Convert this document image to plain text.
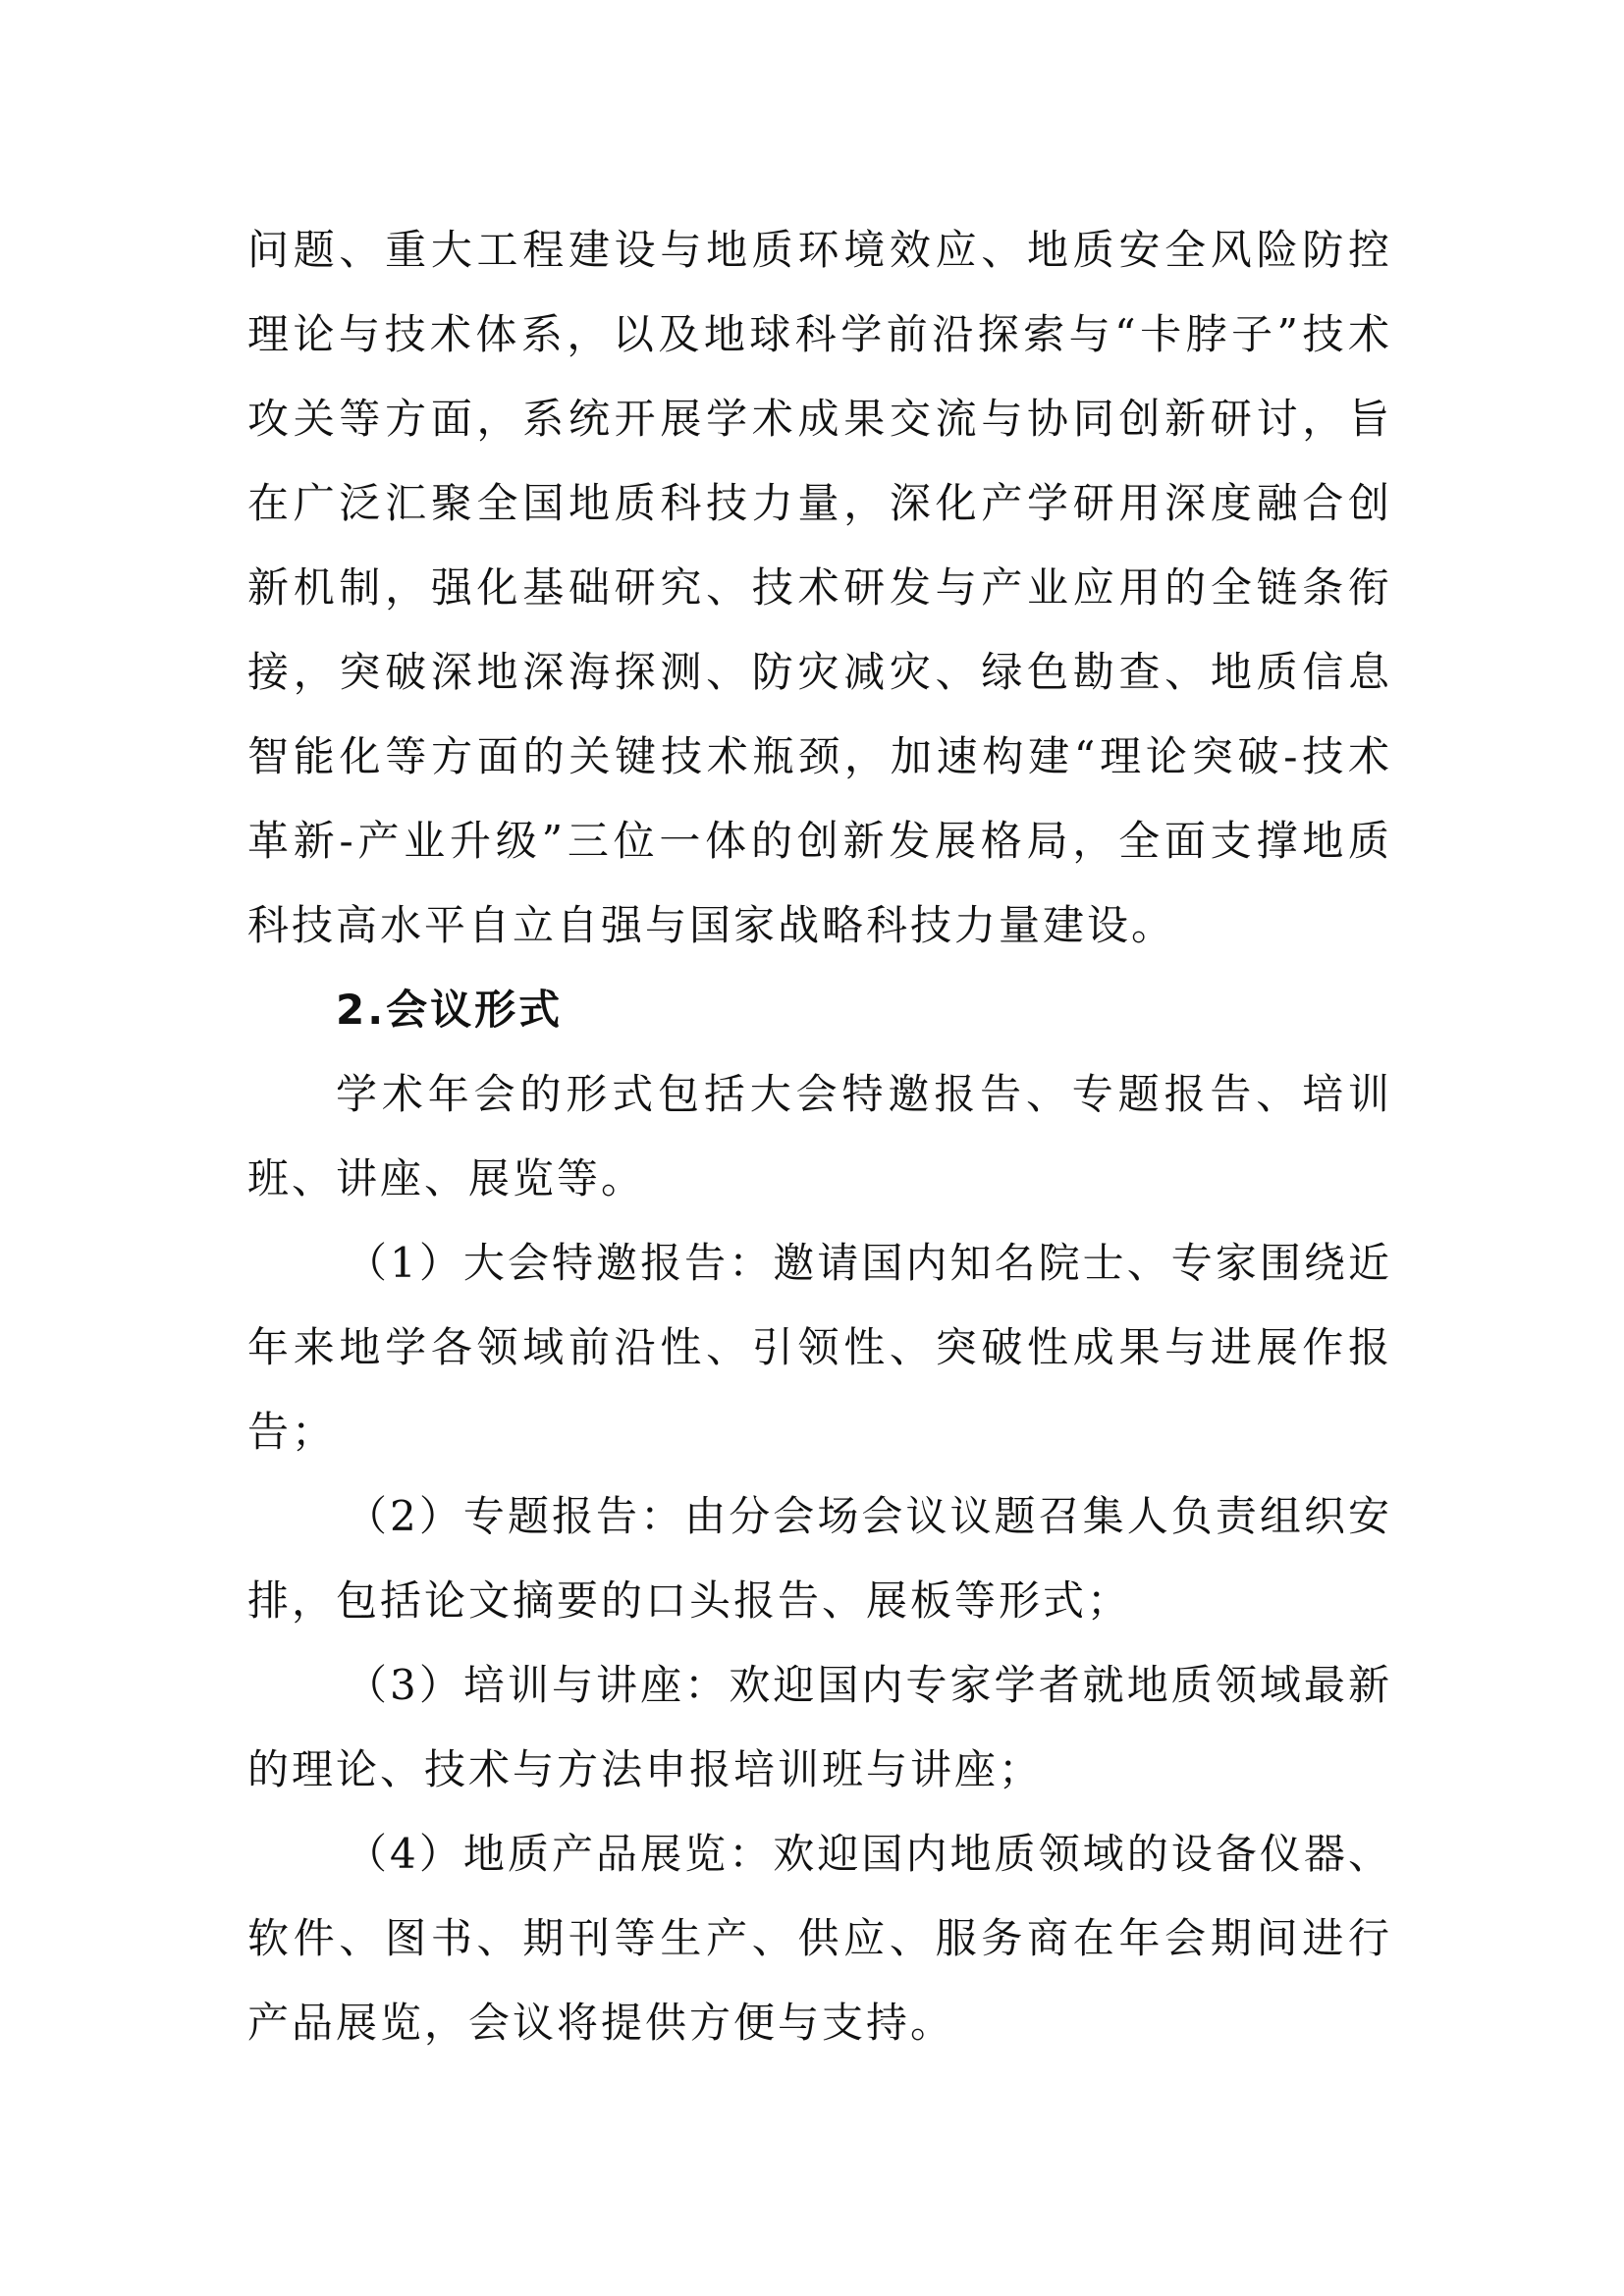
问题、重大工程建设与地质环境效应、地质安全风险防控理论与技术体系，以及地球科学前沿探索与“卡脖子”技术攻关等方面，系统开展学术成果交流与协同创新研讨，旨在广泛汇聚全国地质科技力量，深化产学研用深度融合创新机制，强化基础研究、技术研发与产业应用的全链条衔接，突破深地深海探测、防灾减灾、绿色勘查、地质信息智能化等方面的关键技术瓶颈，加速构建“理论突破-技术革新-产业升级”三位一体的创新发展格局，全面支撑地质科技高水平自立自强与国家战略科技力量建设。

2.会议形式

学术年会的形式包括大会特邀报告、专题报告、培训班、讲座、展览等。

（1）大会特邀报告：邀请国内知名院士、专家围绕近年来地学各领域前沿性、引领性、突破性成果与进展作报告；

（2）专题报告：由分会场会议议题召集人负责组织安排，包括论文摘要的口头报告、展板等形式；

（3）培训与讲座：欢迎国内专家学者就地质领域最新的理论、技术与方法申报培训班与讲座；

（4）地质产品展览：欢迎国内地质领域的设备仪器、软件、图书、期刊等生产、供应、服务商在年会期间进行产品展览，会议将提供方便与支持。
